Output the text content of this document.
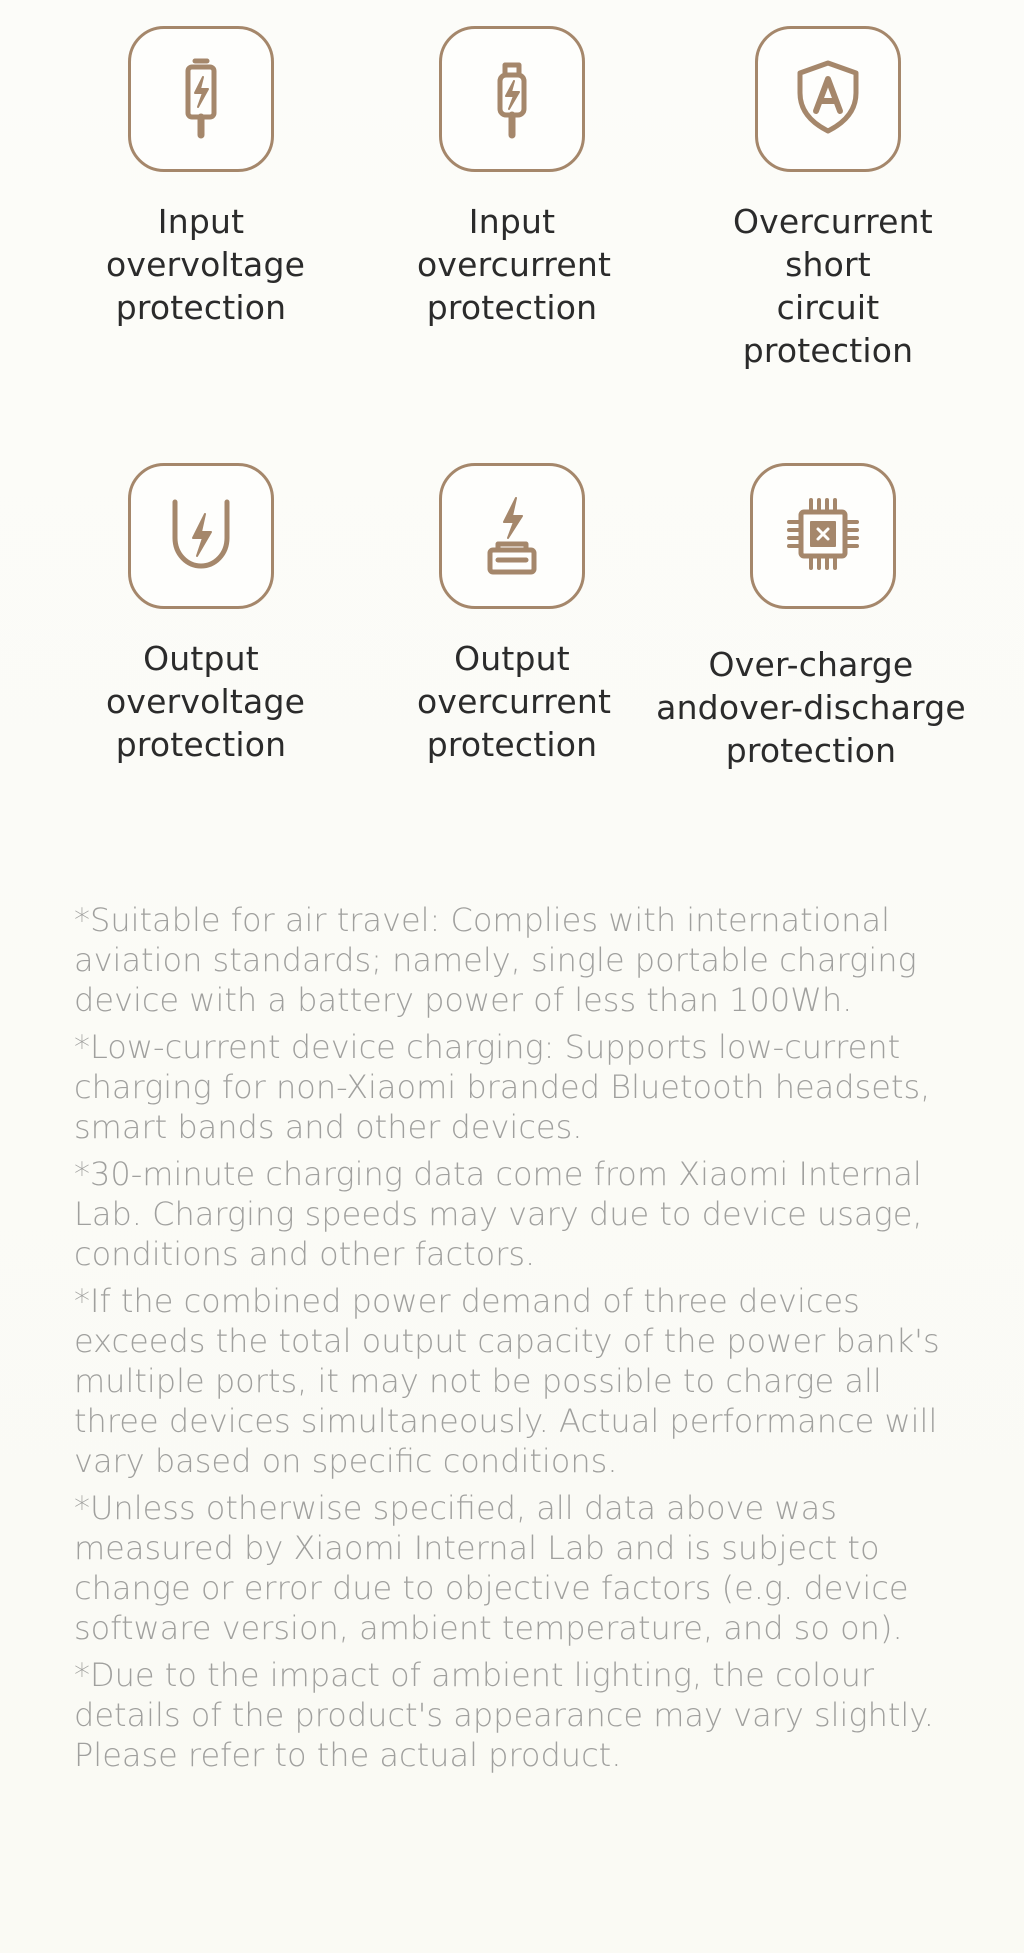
Input
overvoltage
protection
Input
overcurrent
protection
Overcurrent
short circuit
protection
Output
overvoltage
protection
Output
overcurrent
protection
Over-charge
andover-discharge
protection

*Suitable for air travel: Complies with international aviation standards; namely, single portable charging device with a battery power of less than 100Wh.

*Low-current device charging: Supports low-current charging for non-Xiaomi branded Bluetooth headsets, smart bands and other devices.

*30-minute charging data come from Xiaomi Internal Lab. Charging speeds may vary due to device usage, conditions and other factors.

*If the combined power demand of three devices exceeds the total output capacity of the power bank's multiple ports, it may not be possible to charge all three devices simultaneously. Actual performance will vary based on specific conditions.

*Unless otherwise specified, all data above was measured by Xiaomi Internal Lab and is subject to change or error due to objective factors (e.g. device software version, ambient temperature, and so on).

*Due to the impact of ambient lighting, the colour details of the product's appearance may vary slightly. Please refer to the actual product.
